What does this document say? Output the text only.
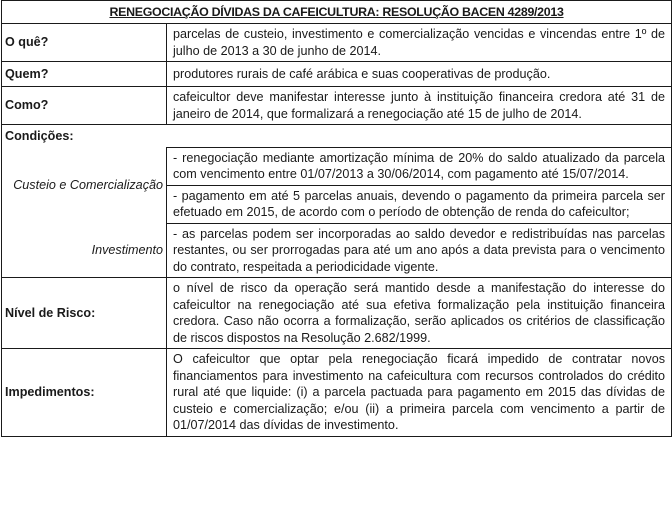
RENEGOCIAÇÃO DÍVIDAS DA CAFEICULTURA: RESOLUÇÃO BACEN 4289/2013	
O quê?	parcelas de custeio, investimento e comercialização vencidas e vincendas entre 1º de julho de 2013 a 30 de junho de 2014.
Quem?	produtores rurais de café arábica e suas cooperativas de produção.
Como?	cafeicultor deve manifestar interesse junto à instituição financeira credora até 31 de janeiro de 2014, que formalizará a renegociação até 15 de julho de 2014.
Condições:	
Custeio e Comercialização	- renegociação mediante amortização mínima de 20% do saldo atualizado da parcela com vencimento entre 01/07/2013 a 30/06/2014, com pagamento até 15/07/2014.
	- pagamento em até 5 parcelas anuais, devendo o pagamento da primeira parcela ser efetuado em 2015, de acordo com o período de obtenção de renda do cafeicultor;
Investimento	- as parcelas podem ser incorporadas ao saldo devedor e redistribuídas nas parcelas restantes, ou ser prorrogadas para até um ano após a data prevista para o vencimento do contrato, respeitada a periodicidade vigente.
Nível de Risco:	o nível de risco da operação será mantido desde a manifestação do interesse do cafeicultor na renegociação até sua efetiva formalização pela instituição financeira credora. Caso não ocorra a formalização, serão aplicados os critérios de classificação de riscos dispostos na Resolução 2.682/1999.
Impedimentos:	O cafeicultor que optar pela renegociação ficará impedido de contratar novos financiamentos para investimento na cafeicultura com recursos controlados do crédito rural até que liquide: (i) a parcela pactuada para pagamento em 2015 das dívidas de custeio e comercialização; e/ou (ii) a primeira parcela com vencimento a partir de 01/07/2014 das dívidas de investimento.
